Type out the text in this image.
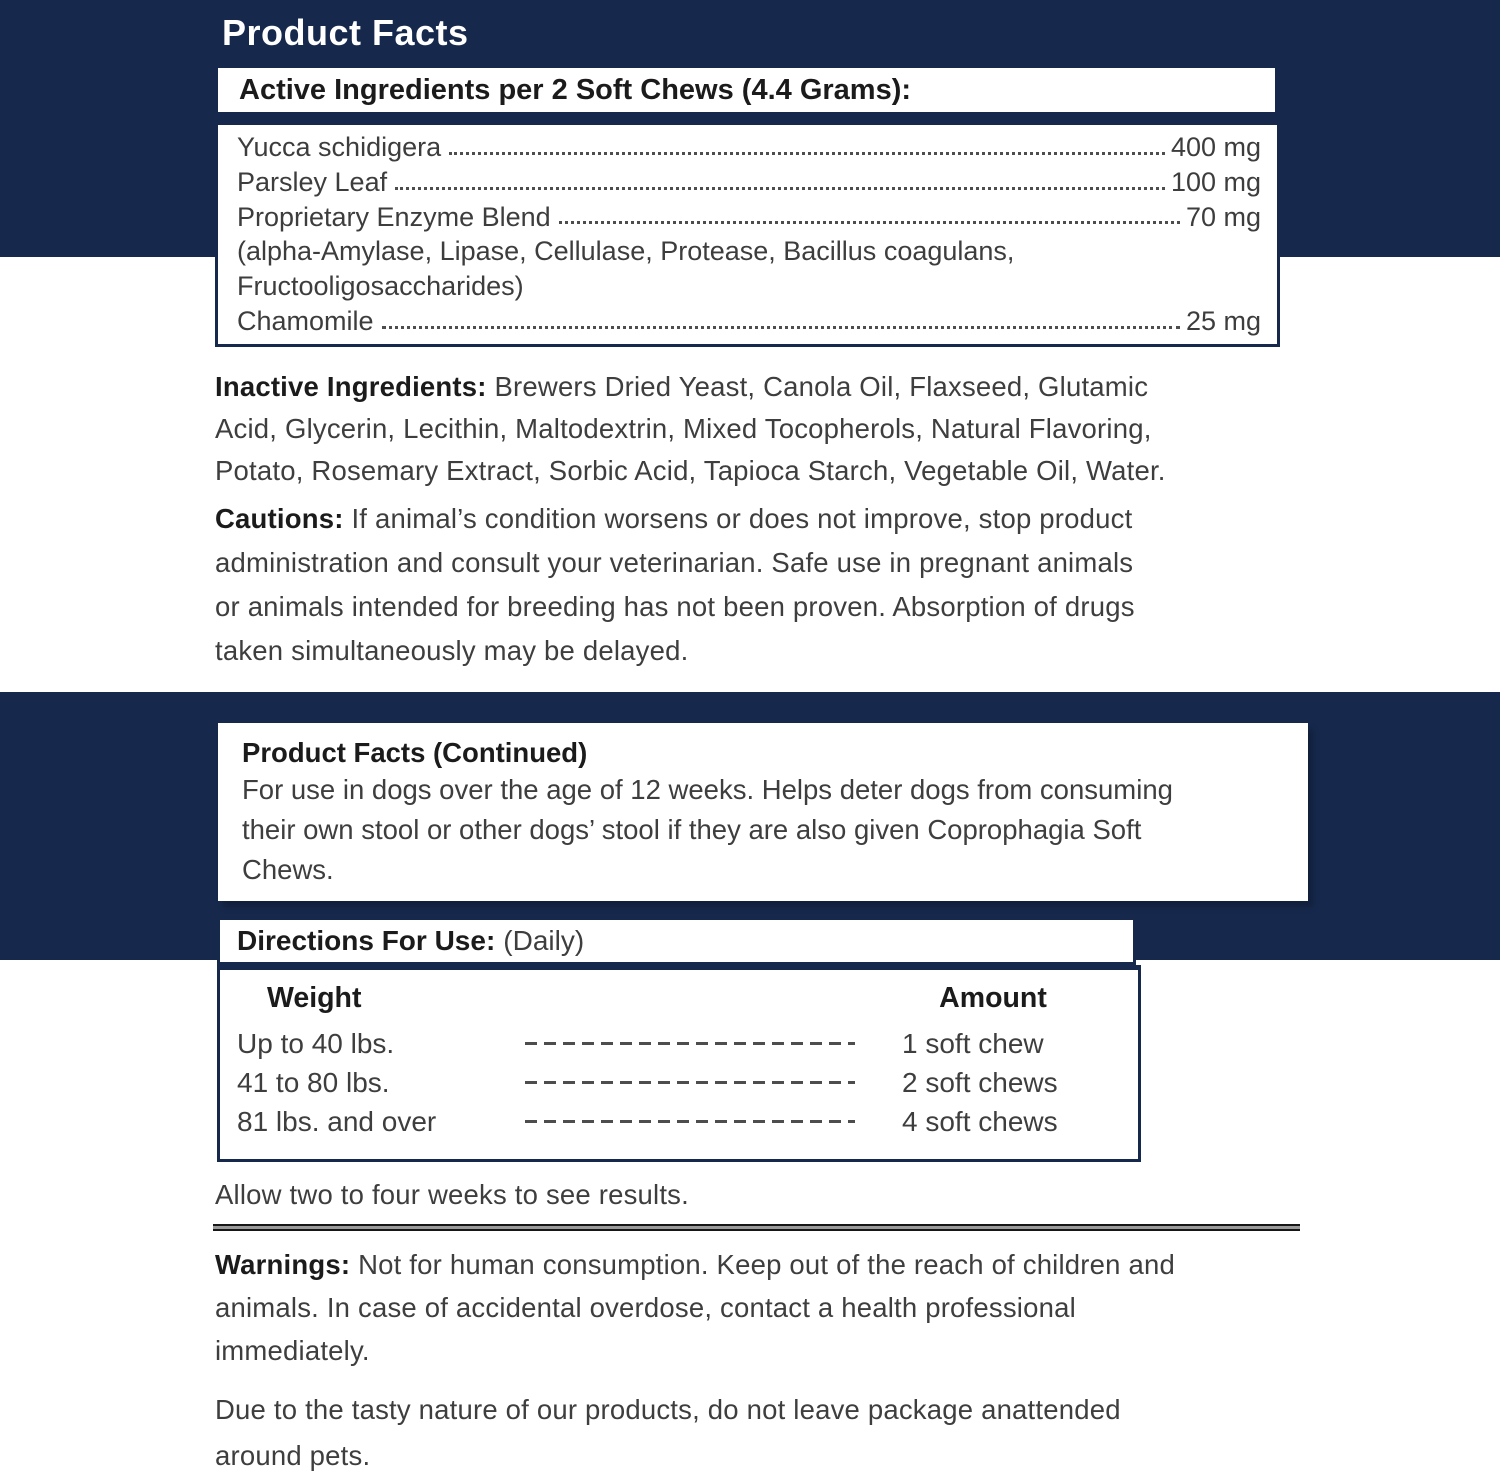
Product Facts
Active Ingredients per 2 Soft Chews (4.4 Grams):
Yucca schidigera	400 mg
Parsley Leaf	100 mg
Proprietary Enzyme Blend	70 mg
(alpha-Amylase, Lipase, Cellulase, Protease, Bacillus coagulans,
Fructooligosaccharides)
Chamomile	25 mg
Inactive Ingredients: Brewers Dried Yeast, Canola Oil, Flaxseed, Glutamic
Acid, Glycerin, Lecithin, Maltodextrin, Mixed Tocopherols, Natural Flavoring,
Potato, Rosemary Extract, Sorbic Acid, Tapioca Starch, Vegetable Oil, Water.
Cautions: If animal’s condition worsens or does not improve, stop product
administration and consult your veterinarian. Safe use in pregnant animals
or animals intended for breeding has not been proven. Absorption of drugs
taken simultaneously may be delayed.
Product Facts (Continued)
For use in dogs over the age of 12 weeks. Helps deter dogs from consuming
their own stool or other dogs’ stool if they are also given Coprophagia Soft
Chews.
Directions For Use: (Daily)
Weight	Amount
Up to 40 lbs.	1 soft chew
41 to 80 lbs.	2 soft chews
81 lbs. and over	4 soft chews
Allow two to four weeks to see results.
Warnings: Not for human consumption. Keep out of the reach of children and
animals. In case of accidental overdose, contact a health professional
immediately.
Due to the tasty nature of our products, do not leave package anattended
around pets.
